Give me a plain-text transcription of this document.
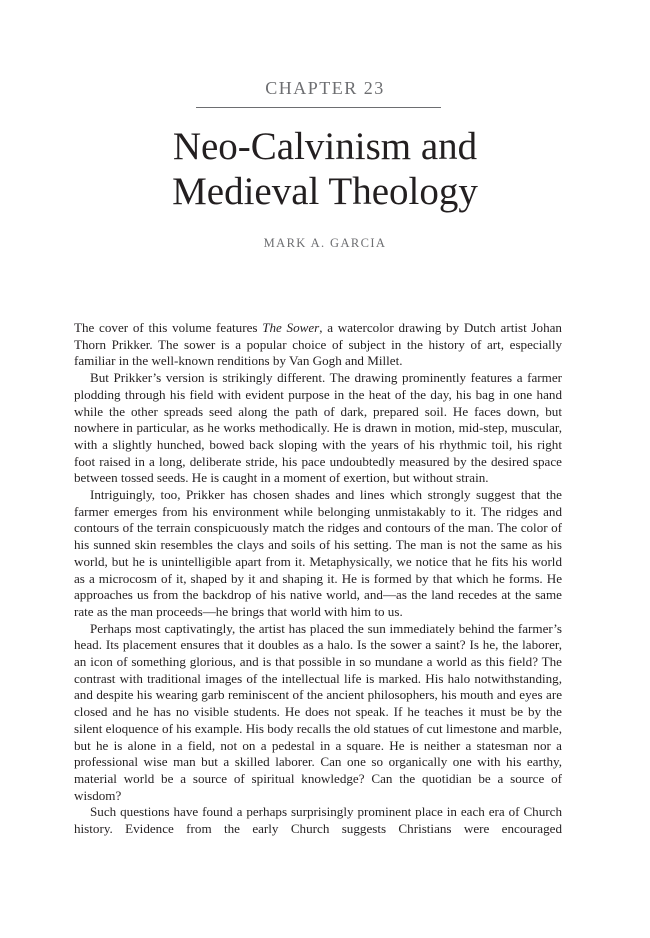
CHAPTER 23
Neo-Calvinism and
Medieval Theology
MARK A. GARCIA

The cover of this volume features The Sower, a watercolor drawing by Dutch artist Johan Thorn Prikker. The sower is a popular choice of subject in the history of art, especially familiar in the well-known renditions by Van Gogh and Millet.

But Prikker’s version is strikingly different. The drawing prominently features a farmer plodding through his field with evident purpose in the heat of the day, his bag in one hand while the other spreads seed along the path of dark, prepared soil. He faces down, but nowhere in particular, as he works methodically. He is drawn in motion, mid-step, muscular, with a slightly hunched, bowed back sloping with the years of his rhythmic toil, his right foot raised in a long, deliberate stride, his pace undoubtedly measured by the desired space between tossed seeds. He is caught in a moment of exertion, but without strain.

Intriguingly, too, Prikker has chosen shades and lines which strongly suggest that the farmer emerges from his environment while belonging unmistakably to it. The ridges and contours of the terrain conspicuously match the ridges and contours of the man. The color of his sunned skin resembles the clays and soils of his setting. The man is not the same as his world, but he is unintelligible apart from it. Metaphysically, we notice that he fits his world as a microcosm of it, shaped by it and shaping it. He is formed by that which he forms. He approaches us from the backdrop of his native world, and—as the land recedes at the same rate as the man proceeds—he brings that world with him to us.

Perhaps most captivatingly, the artist has placed the sun immediately behind the farmer’s head. Its placement ensures that it doubles as a halo. Is the sower a saint? Is he, the laborer, an icon of something glorious, and is that possible in so mundane a world as this field? The contrast with traditional images of the intellectual life is marked. His halo notwithstanding, and despite his wearing garb reminiscent of the ancient philosophers, his mouth and eyes are closed and he has no visible students. He does not speak. If he teaches it must be by the silent eloquence of his example. His body recalls the old statues of cut limestone and marble, but he is alone in a field, not on a pedestal in a square. He is neither a statesman nor a professional wise man but a skilled laborer. Can one so organically one with his earthy, material world be a source of spiritual knowledge? Can the quotidian be a source of wisdom?

Such questions have found a perhaps surprisingly prominent place in each era of Church history. Evidence from the early Church suggests Christians were encouraged
